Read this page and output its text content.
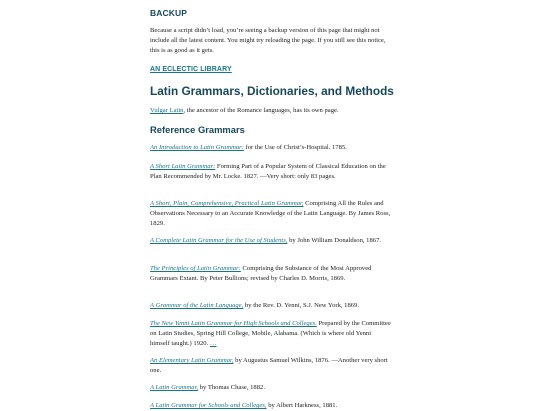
BACKUP

Because a script didn’t load, you’re seeing a backup version of this page that might not include all the latest content. You might try reloading the page. If you still see this notice, this is as good as it gets.

AN ECLECTIC LIBRARY
Latin Grammars, Dictionaries, and Methods

Vulgar Latin, the ancestor of the Romance languages, has its own page.

Reference Grammars

An Introduction to Latin Grammar: for the Use of Christ’s-Hospital. 1785.

A Short Latin Grammar: Forming Part of a Popular System of Classical Education on the Plan Recommended by Mr. Locke. 1827. —Very short: only 83 pages.

A Short, Plain, Comprehensive, Practical Latin Grammar, Comprising All the Rules and Observations Necessary to an Accurate Knowledge of the Latin Language. By James Ross, 1829.

A Complete Latin Grammar for the Use of Students, by John William Donaldson, 1867.

The Principles of Latin Grammar: Comprising the Substance of the Most Approved Grammars Extant. By Peter Bullions; revised by Charles D. Morris, 1869.

A Grammar of the Latin Language, by the Rev. D. Yenni, S.J. New York, 1869.

The New Yenni Latin Grammar for High Schools and Colleges. Prepared by the Committee on Latin Studies, Spring Hill College, Mobile, Alabama. (Which is where old Yenni himself taught.) 1920. …

An Elementary Latin Grammar, by Augustus Samuel Wilkins, 1876. —Another very short one.

A Latin Grammar, by Thomas Chase, 1882.

A Latin Grammar for Schools and Colleges, by Albert Harkness, 1881.
